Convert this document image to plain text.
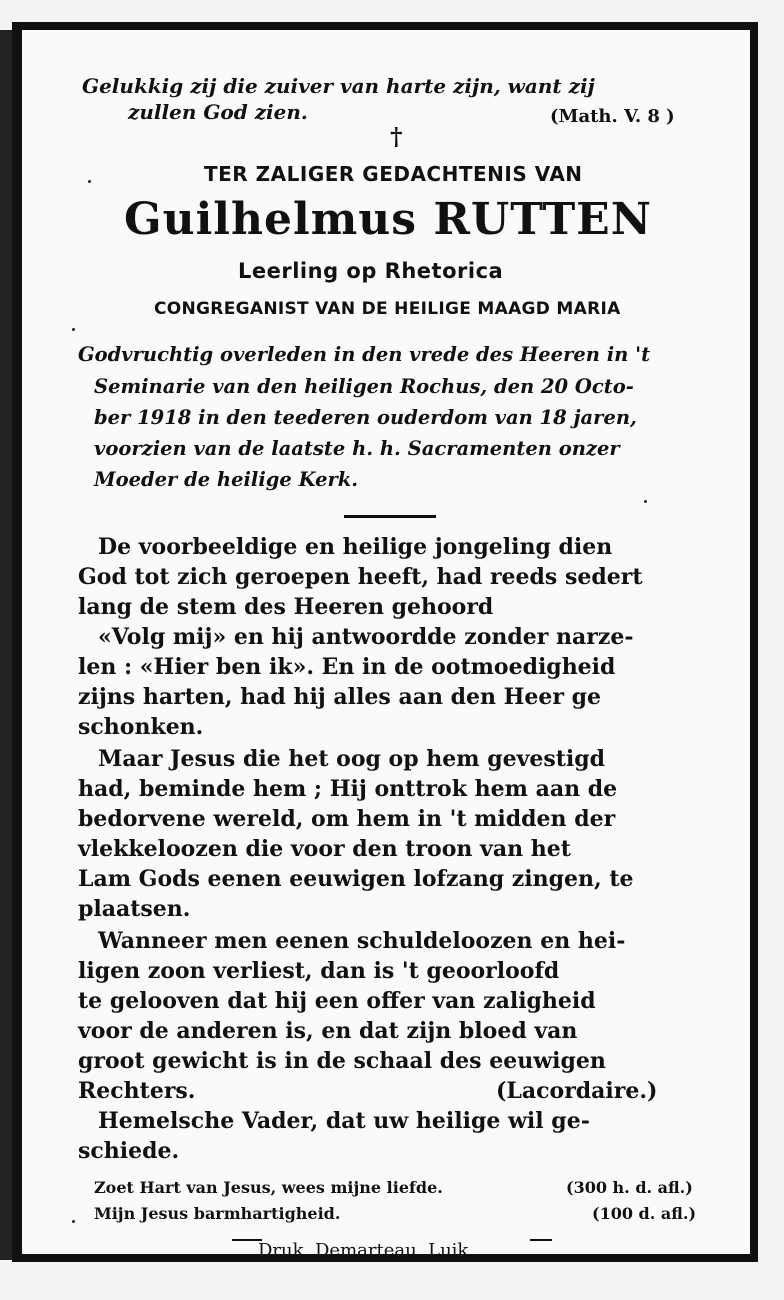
Gelukkig zij die zuiver van harte zijn, want zij
zullen God zien.	(Math. V. 8 )
†
TER ZALIGER GEDACHTENIS VAN
Guilhelmus RUTTEN
Leerling op Rhetorica
CONGREGANIST VAN DE HEILIGE MAAGD MARIA
Godvruchtig overleden in den vrede des Heeren in 't
Seminarie van den heiligen Rochus, den 20 Octo-
ber 1918 in den teederen ouderdom van 18 jaren,
voorzien van de laatste h. h. Sacramenten onzer
Moeder de heilige Kerk.
De voorbeeldige en heilige jongeling dien
God tot zich geroepen heeft, had reeds sedert
lang de stem des Heeren gehoord
«Volg mij» en hij antwoordde zonder narze-
len : «Hier ben ik». En in de ootmoedigheid
zijns harten, had hij alles aan den Heer ge
schonken.
Maar Jesus die het oog op hem gevestigd
had, beminde hem ; Hij onttrok hem aan de
bedorvene wereld, om hem in 't midden der
vlekkeloozen die voor den troon van het
Lam Gods eenen eeuwigen lofzang zingen, te
plaatsen.
Wanneer men eenen schuldeloozen en hei-
ligen zoon verliest, dan is 't geoorloofd
te gelooven dat hij een offer van zaligheid
voor de anderen is, en dat zijn bloed van
groot gewicht is in de schaal des eeuwigen
Rechters.	(Lacordaire.)
Hemelsche Vader, dat uw heilige wil ge-
schiede.
Zoet Hart van Jesus, wees mijne liefde.	(300 h. d. afl.)
Mijn Jesus barmhartigheid.	(100 d. afl.)
Druk. Demarteau, Luik.
